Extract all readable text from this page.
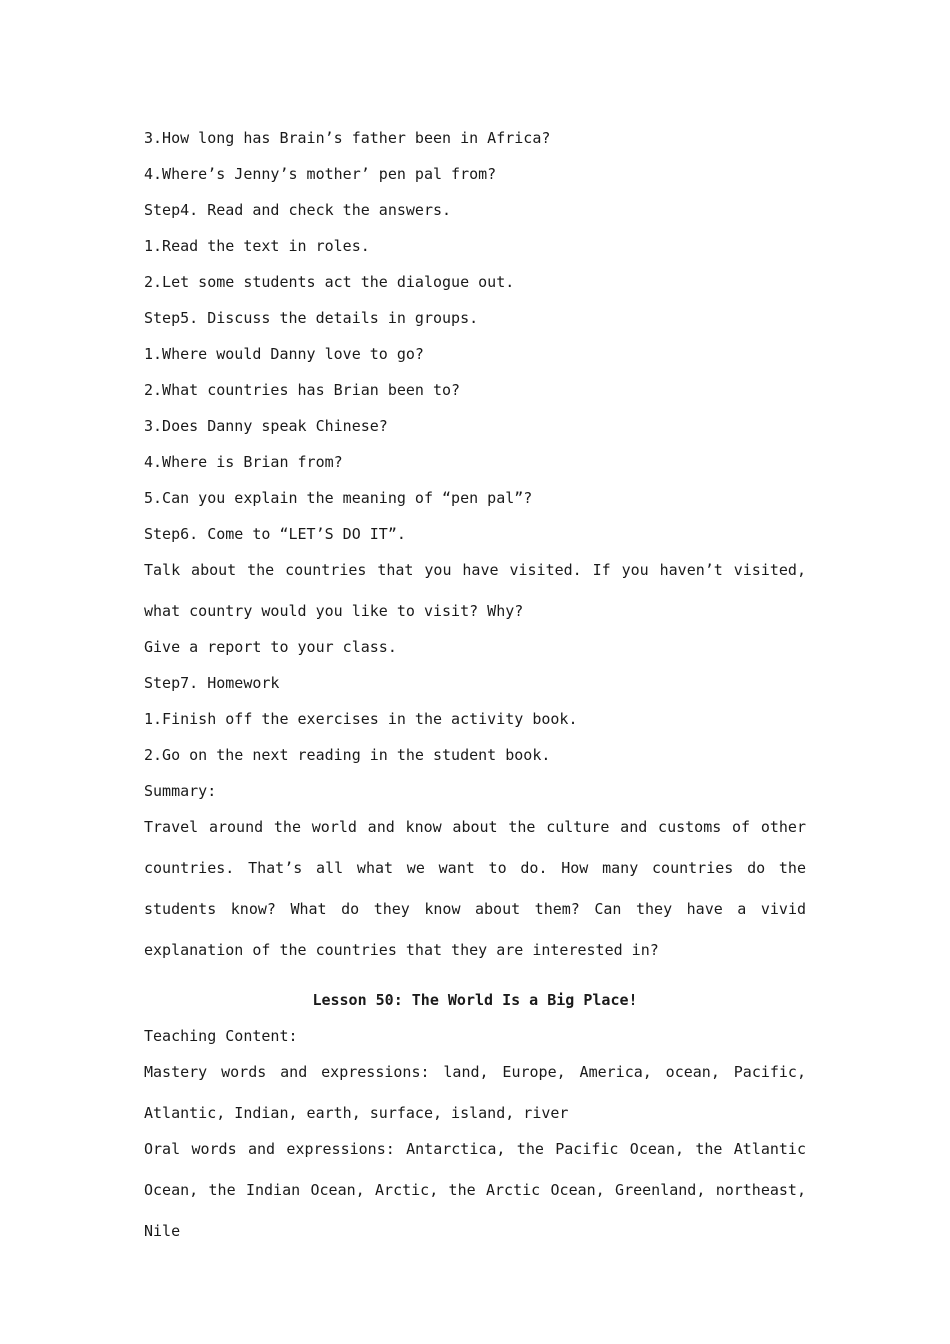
3.How long has Brain’s father been in Africa?
4.Where’s Jenny’s mother’ pen pal from?
Step4. Read and check the answers.
1.Read the text in roles.
2.Let some students act the dialogue out.
Step5. Discuss the details in groups.
1.Where would Danny love to go?
2.What countries has Brian been to?
3.Does Danny speak Chinese?
4.Where is Brian from?
5.Can you explain the meaning of “pen pal”?
Step6. Come to “LET’S DO IT”.
Talk about the countries that you have visited. If you haven’t visited, what country would you like to visit? Why?
Give a report to your class.
Step7. Homework
1.Finish off the exercises in the activity book.
2.Go on the next reading in the student book.
Summary:
Travel around the world and know about the culture and customs of other countries. That’s all what we want to do. How many countries do the students know? What do they know about them? Can they have a vivid explanation of the countries that they are interested in?
Lesson 50: The World Is a Big Place!
Teaching Content:
Mastery words and expressions: land, Europe, America, ocean, Pacific, Atlantic, Indian, earth, surface, island, river
Oral words and expressions: Antarctica, the Pacific Ocean, the Atlantic Ocean, the Indian Ocean, Arctic, the Arctic Ocean, Greenland, northeast, Nile
